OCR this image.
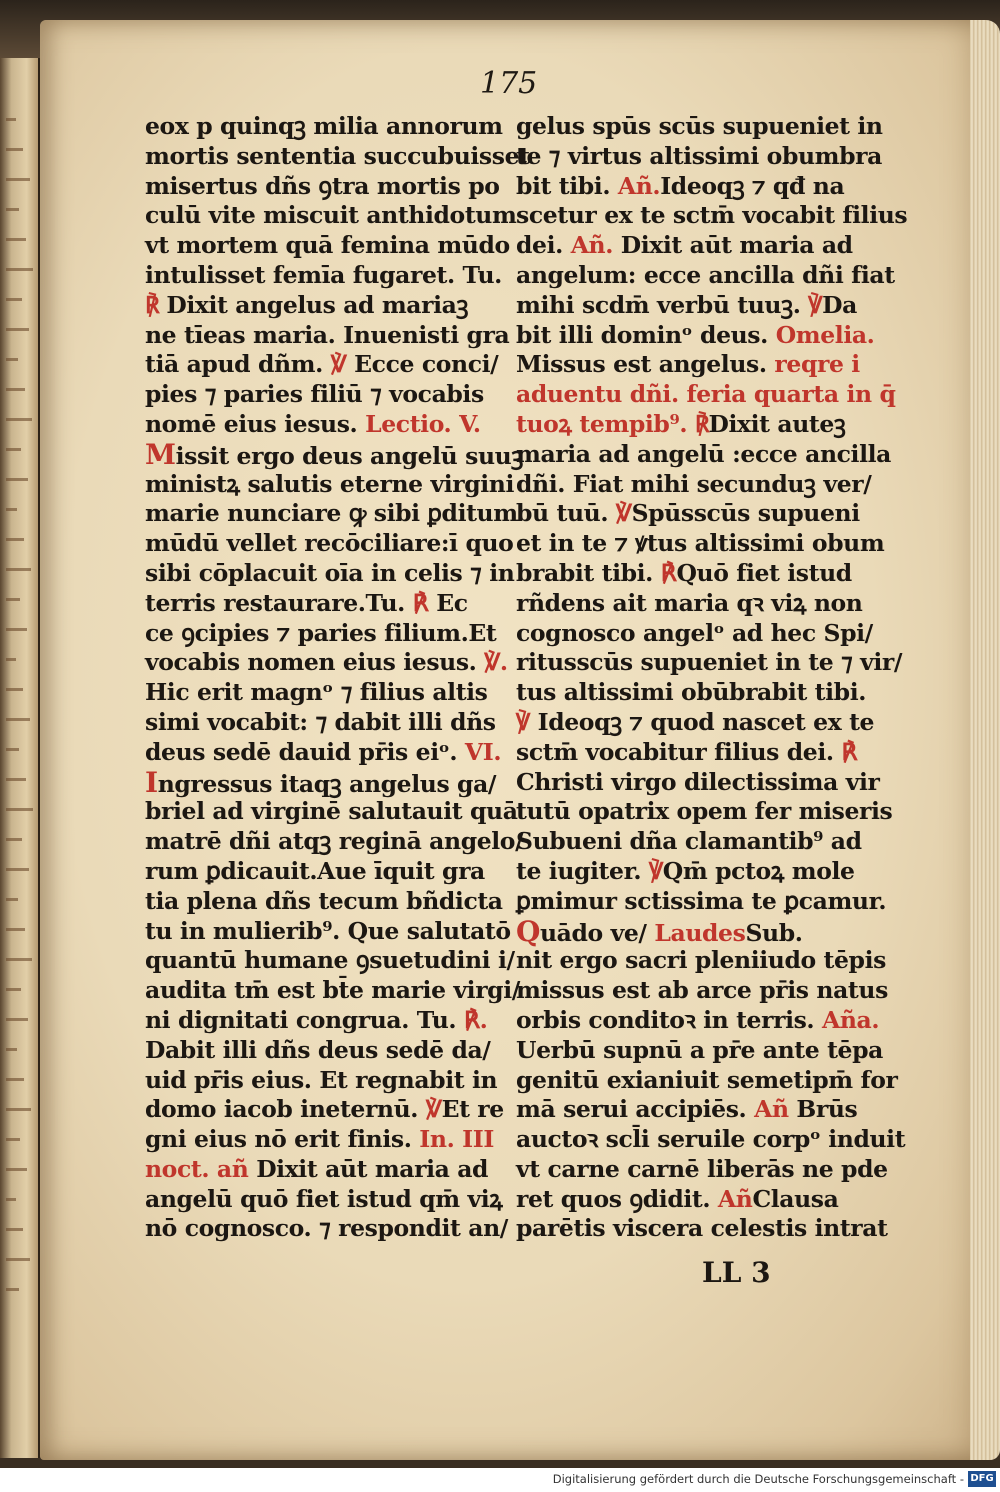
175
eox p quinqꝫ milia annorum
mortis sententia succubuisset
misertus dñs ꝯtra mortis po
culū vite miscuit anthidotum
vt mortem quā femina mūdo
intulisset femīa fugaret. Tu.
℟ Dixit angelus ad mariaꝫ
ne tīeas maria. Inuenisti gra
tiā apud dñm. ℣ Ecce conci/
pies ⁊ paries filiū ⁊ vocabis
nomē eius iesus. Lectio. V.
Missit ergo deus angelū suuꝫ
ministꝝ salutis eterne virgini
marie nunciare ꝙ sibi ꝑditum
mūdū vellet recōciliare:ī quo
sibi cōplacuit oīa in celis ⁊ in
terris restaurare.Tu. ℟ Ec
ce ꝯcipies ⁊ paries filium.Et
vocabis nomen eius iesus. ℣.
Hic erit magnᵒ ⁊ filius altis
simi vocabit: ⁊ dabit illi dñs
deus sedē dauid pr̄is eiᵒ. VI.
Ingressus itaqꝫ angelus ga/
briel ad virginē salutauit quā
matrē dñi atqꝫ reginā angelo/
rum ꝑdicauit.Aue īquit gra
tia plena dñs tecum bñdicta
tu in mulierib⁹. Que salutatō
quantū humane ꝯsuetudini i/
audita tm̄ est bt̄e marie virgi/
ni dignitati congrua. Tu. ℟.
Dabit illi dñs deus sedē da/
uid pr̄is eius. Et regnabit in
domo iacob ineternū. ℣Et re
gni eius nō erit finis. In. III
noct. añ Dixit aūt maria ad
angelū quō fiet istud qm̄ viꝝ
nō cognosco. ⁊ respondit an/
gelus spūs scūs supueniet in
te ⁊ virtus altissimi obumbra
bit tibi. Añ.Ideoqꝫ ⁊ qđ na
scetur ex te sctm̄ vocabit filius
dei. Añ. Dixit aūt maria ad
angelum: ecce ancilla dñi fiat
mihi scdm̄ verbū tuuꝫ. ℣Da
bit illi dominᵒ deus. Omelia.
Missus est angelus. reqre i
aduentu dñi. feria quarta in q̄
tuoꝝ tempib⁹. ℟Dixit auteꝫ
maria ad angelū :ecce ancilla
dñi. Fiat mihi secunduꝫ ver/
bū tuū. ℣Spūsscūs supueni
et in te ⁊ ꝟtus altissimi obum
brabit tibi. ℟Quō fiet istud
rñdens ait maria qꝛ viꝝ non
cognosco angelᵒ ad hec Spi/
ritusscūs supueniet in te ⁊ vir/
tus altissimi obūbrabit tibi.
℣ Ideoqꝫ ⁊ quod nascet ex te
sctm̄ vocabitur filius dei. ℟
Christi virgo dilectissima vir
tutū opatrix opem fer miseris
Subueni dña clamantib⁹ ad
te iugiter. ℣Qm̄ pctoꝝ mole
ꝑmimur sctissima te ꝑcamur.
Quādo ve/ LaudesSub.
nit ergo sacri pleniiudo tēpis
missus est ab arce pr̄is natus
orbis conditoꝛ in terris. Aña.
Uerbū supnū a pr̄e ante tēpa
genitū exianiuit semetipm̄ for
mā serui accipiēs. Añ Brūs
auctoꝛ scl̄i seruile corpᵒ induit
vt carne carnē liberās ne pde
ret quos ꝯdidit. AñClausa
parētis viscera celestis intrat
LL 3
Digitalisierung gefördert durch die Deutsche Forschungsgemeinschaft - DFG
